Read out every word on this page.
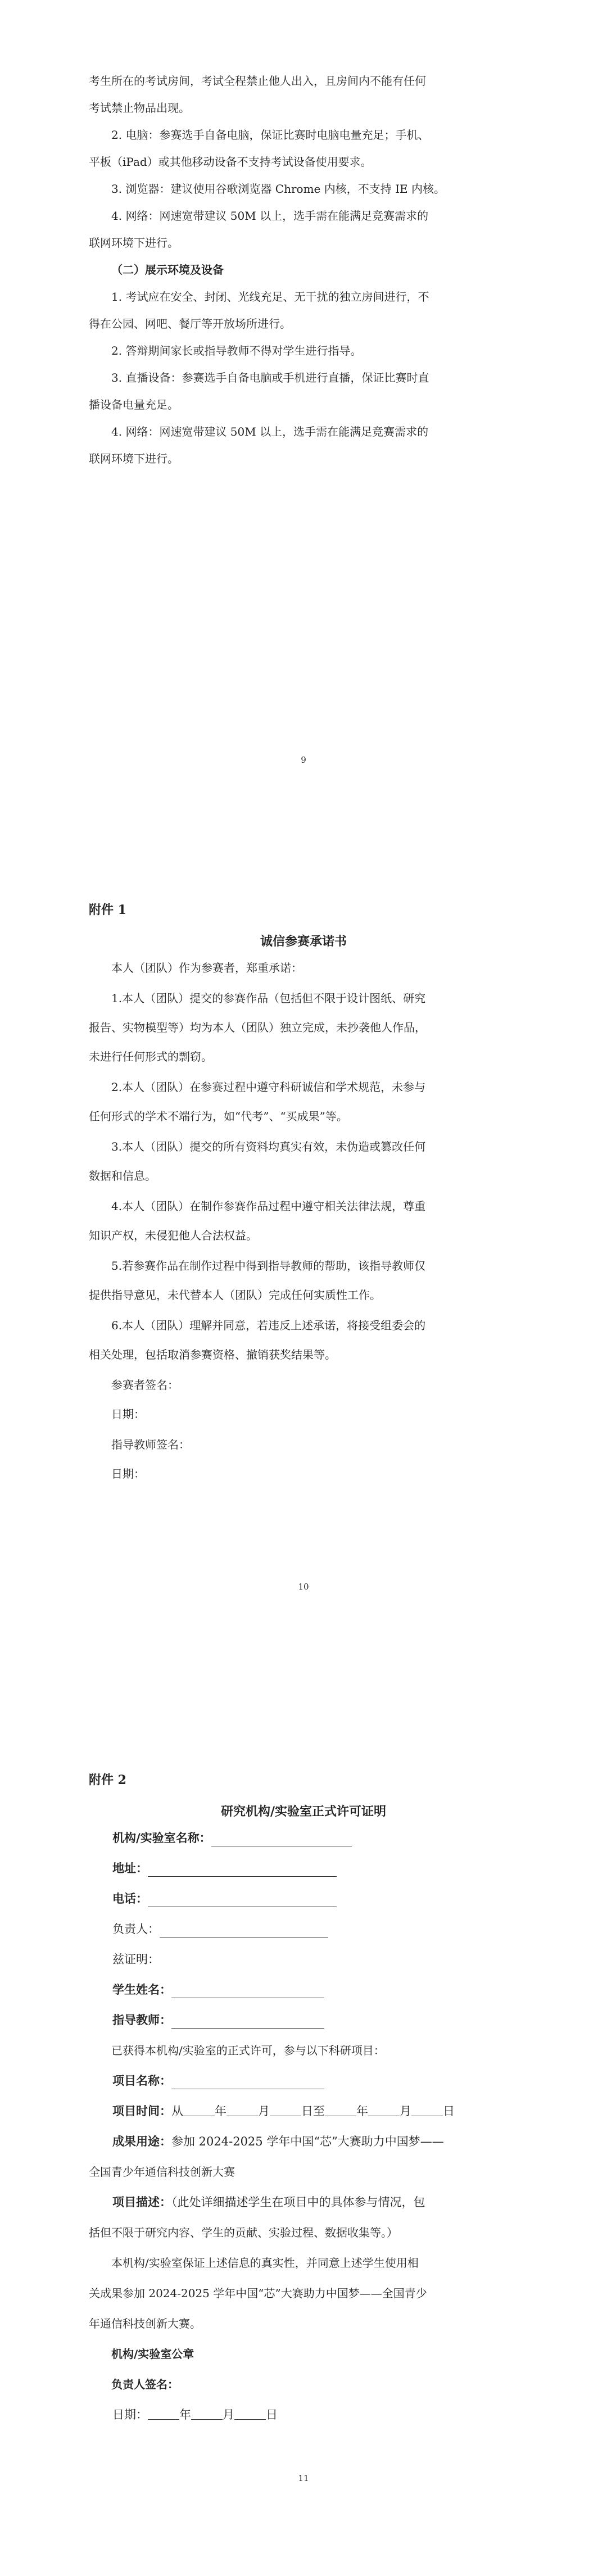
考生所在的考试房间，考试全程禁止他人出入，且房间内不能有任何

考试禁止物品出现。

2. 电脑：参赛选手自备电脑，保证比赛时电脑电量充足；手机、

平板（iPad）或其他移动设备不支持考试设备使用要求。

3. 浏览器：建议使用谷歌浏览器 Chrome 内核，不支持 IE 内核。

4. 网络：网速宽带建议 50M 以上，选手需在能满足竞赛需求的

联网环境下进行。

（二）展示环境及设备

1. 考试应在安全、封闭、光线充足、无干扰的独立房间进行，不

得在公园、网吧、餐厅等开放场所进行。

2. 答辩期间家长或指导教师不得对学生进行指导。

3. 直播设备：参赛选手自备电脑或手机进行直播，保证比赛时直

播设备电量充足。

4. 网络：网速宽带建议 50M 以上，选手需在能满足竞赛需求的

联网环境下进行。

9
附件 1
诚信参赛承诺书

本人（团队）作为参赛者，郑重承诺：

1.本人（团队）提交的参赛作品（包括但不限于设计图纸、研究

报告、实物模型等）均为本人（团队）独立完成，未抄袭他人作品，

未进行任何形式的剽窃。

2.本人（团队）在参赛过程中遵守科研诚信和学术规范，未参与

任何形式的学术不端行为，如“代考”、“买成果”等。

3.本人（团队）提交的所有资料均真实有效，未伪造或篡改任何

数据和信息。

4.本人（团队）在制作参赛作品过程中遵守相关法律法规，尊重

知识产权，未侵犯他人合法权益。

5.若参赛作品在制作过程中得到指导教师的帮助，该指导教师仅

提供指导意见，未代替本人（团队）完成任何实质性工作。

6.本人（团队）理解并同意，若违反上述承诺，将接受组委会的

相关处理，包括取消参赛资格、撤销获奖结果等。

参赛者签名：

日期：

指导教师签名：

日期：

10
附件 2
研究机构/实验室正式许可证明
机构/实验室名称：
地址：
电话：
负责人：
兹证明：
学生姓名：
指导教师：

已获得本机构/实验室的正式许可，参与以下科研项目：

项目名称：
项目时间：从	年	月	日至	年	月	日
成果用途：参加 2024-2025 学年中国“芯”大赛助力中国梦——

全国青少年通信科技创新大赛

项目描述：（此处详细描述学生在项目中的具体参与情况，包

括但不限于研究内容、学生的贡献、实验过程、数据收集等。）

本机构/实验室保证上述信息的真实性，并同意上述学生使用相

关成果参加 2024-2025 学年中国“芯”大赛助力中国梦——全国青少

年通信科技创新大赛。

机构/实验室公章

负责人签名：

日期：	年	月	日
11
